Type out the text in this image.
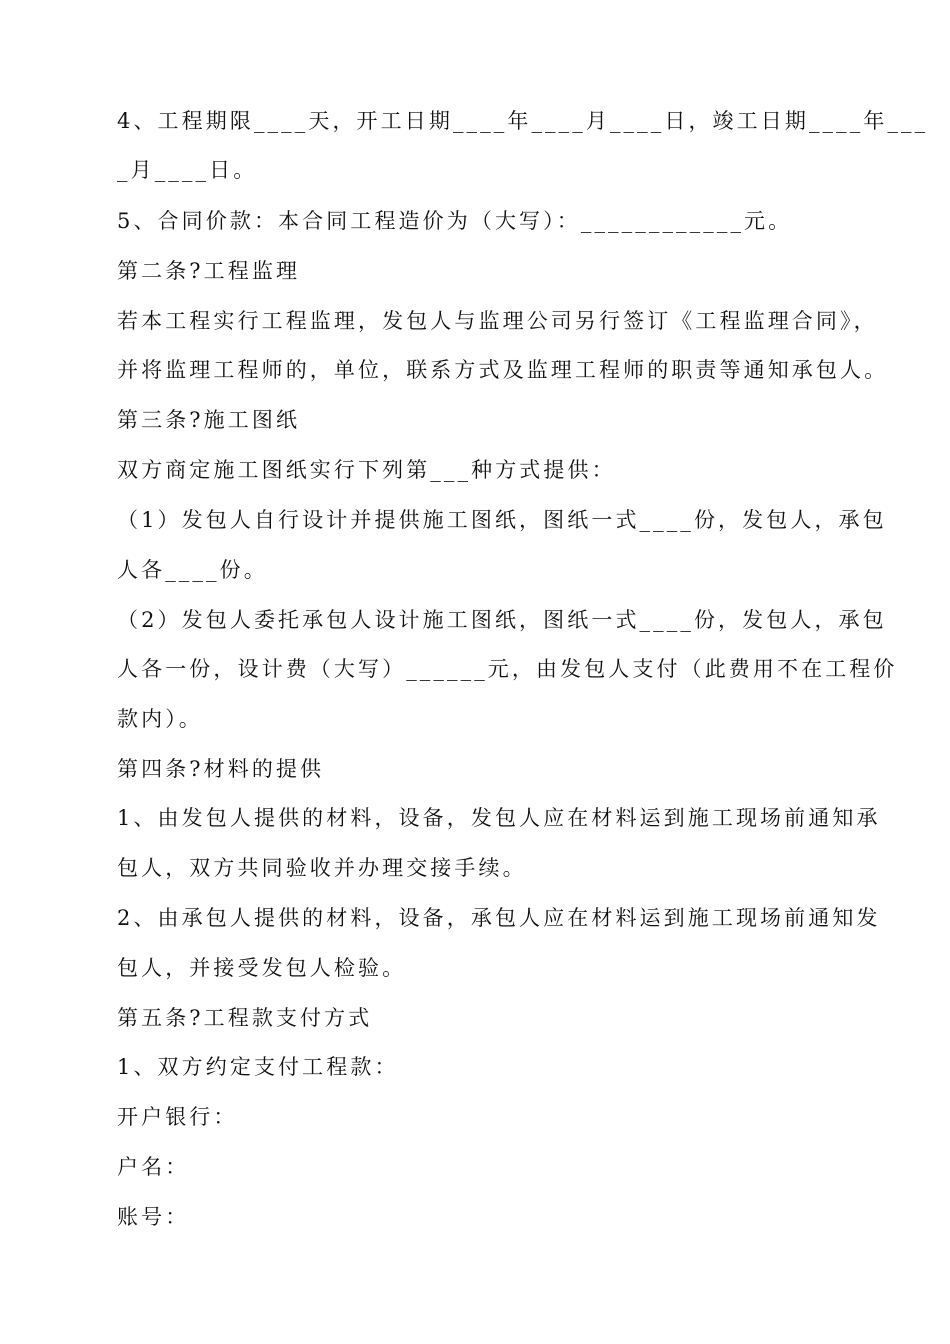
4、工程期限____天，开工日期____年____月____日，竣工日期____年___
_月____日。
5、合同价款：本合同工程造价为（大写）：____________元。
第二条?工程监理
若本工程实行工程监理，发包人与监理公司另行签订《工程监理合同》，
并将监理工程师的，单位，联系方式及监理工程师的职责等通知承包人。
第三条?施工图纸
双方商定施工图纸实行下列第___种方式提供：
（1）发包人自行设计并提供施工图纸，图纸一式____份，发包人，承包
人各____份。
（2）发包人委托承包人设计施工图纸，图纸一式____份，发包人，承包
人各一份，设计费（大写）______元，由发包人支付（此费用不在工程价
款内）。
第四条?材料的提供
1、由发包人提供的材料，设备，发包人应在材料运到施工现场前通知承
包人，双方共同验收并办理交接手续。
2、由承包人提供的材料，设备，承包人应在材料运到施工现场前通知发
包人，并接受发包人检验。
第五条?工程款支付方式
1、双方约定支付工程款：
开户银行：
户名：
账号：
